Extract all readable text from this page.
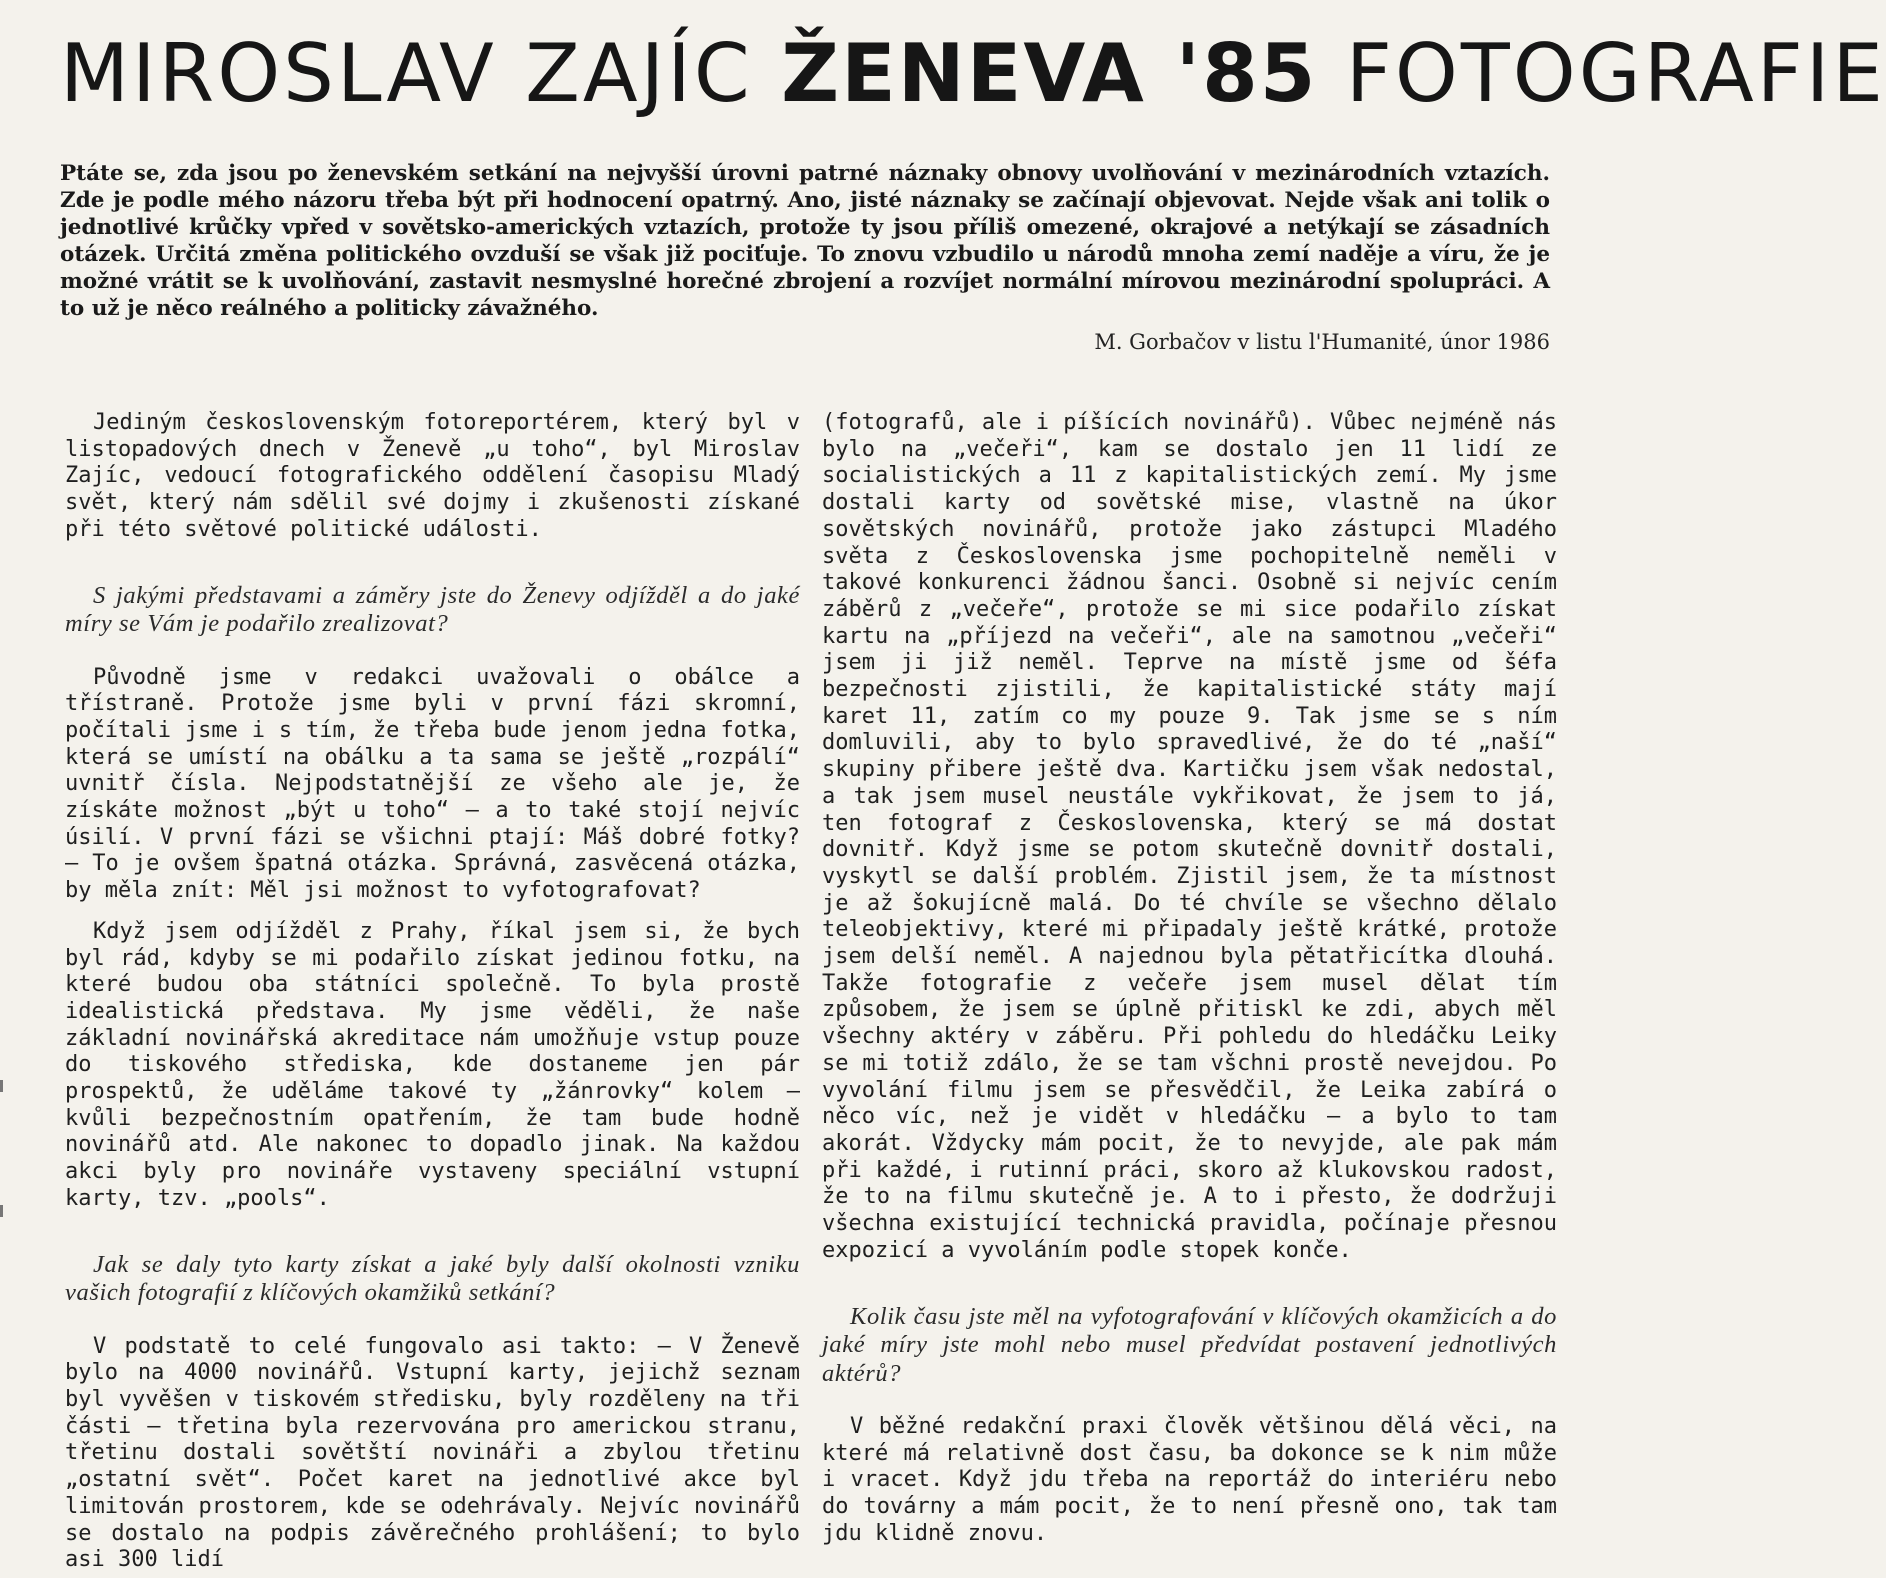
MIROSLAV ZAJÍC ŽENEVA '85 FOTOGRAFIE
Ptáte se, zda jsou po ženevském setkání na nejvyšší úrovni patrné náznaky obnovy uvolňování v mezinárodních vztazích. Zde je podle mého názoru třeba být při hodnocení opatrný. Ano, jisté náznaky se začínají objevovat. Nejde však ani tolik o jednotlivé krůčky vpřed v sovětsko-amerických vztazích, protože ty jsou příliš omezené, okrajové a netýkají se zásadních otázek. Určitá změna politického ovzduší se však již pociťuje. To znovu vzbudilo u národů mnoha zemí naděje a víru, že je možné vrátit se k uvolňování, zastavit nesmyslné horečné zbrojení a rozvíjet normální mírovou mezinárodní spolupráci. A to už je něco reálného a politicky závažného.
M. Gorbačov v listu l'Humanité, únor 1986

Jediným československým fotoreportérem, který byl v listopadových dnech v Ženevě „u toho“, byl Miroslav Zajíc, vedoucí fotografického oddělení časopisu Mladý svět, který nám sdělil své dojmy i zkušenosti získané při této světové politické události.

S jakými představami a záměry jste do Ženevy odjížděl a do jaké míry se Vám je podařilo zrealizovat?

Původně jsme v redakci uvažovali o obálce a třístraně. Protože jsme byli v první fázi skromní, počítali jsme i s tím, že třeba bude jenom jedna fotka, která se umístí na obálku a ta sama se ještě „rozpálí“ uvnitř čísla. Nejpodstatnější ze všeho ale je, že získáte možnost „být u toho“ — a to také stojí nejvíc úsilí. V první fázi se všichni ptají: Máš dobré fotky? — To je ovšem špatná otázka. Správná, zasvěcená otázka, by měla znít: Měl jsi možnost to vyfotografovat?

Když jsem odjížděl z Prahy, říkal jsem si, že bych byl rád, kdyby se mi podařilo získat jedinou fotku, na které budou oba státníci společně. To byla prostě idealistická představa. My jsme věděli, že naše základní novinářská akreditace nám umožňuje vstup pouze do tiskového střediska, kde dostaneme jen pár prospektů, že uděláme takové ty „žánrovky“ kolem — kvůli bezpečnostním opatřením, že tam bude hodně novinářů atd. Ale nakonec to dopadlo jinak. Na každou akci byly pro novináře vystaveny speciální vstupní karty, tzv. „pools“.

Jak se daly tyto karty získat a jaké byly další okolnosti vzniku vašich fotografií z klíčových okamžiků setkání?

V podstatě to celé fungovalo asi takto: — V Ženevě bylo na 4000 novinářů. Vstupní karty, jejichž seznam byl vyvěšen v tiskovém středisku, byly rozděleny na tři části — třetina byla rezervována pro americkou stranu, třetinu dostali sovětští novináři a zbylou třetinu „ostatní svět“. Počet karet na jednotlivé akce byl limitován prostorem, kde se odehrávaly. Nejvíc novinářů se dostalo na podpis závěrečného prohlášení; to bylo asi 300 lidí

(fotografů, ale i píšících novinářů). Vůbec nejméně nás bylo na „večeři“, kam se dostalo jen 11 lidí ze socialistických a 11 z kapitalistických zemí. My jsme dostali karty od sovětské mise, vlastně na úkor sovětských novinářů, protože jako zástupci Mladého světa z Československa jsme pochopitelně neměli v takové konkurenci žádnou šanci. Osobně si nejvíc cením záběrů z „večeře“, protože se mi sice podařilo získat kartu na „příjezd na večeři“, ale na samotnou „večeři“ jsem ji již neměl. Teprve na místě jsme od šéfa bezpečnosti zjistili, že kapitalistické státy mají karet 11, zatím co my pouze 9. Tak jsme se s ním domluvili, aby to bylo spravedlivé, že do té „naší“ skupiny přibere ještě dva. Kartičku jsem však nedostal, a tak jsem musel neustále vykřikovat, že jsem to já, ten fotograf z Československa, který se má dostat dovnitř. Když jsme se potom skutečně dovnitř dostali, vyskytl se další problém. Zjistil jsem, že ta místnost je až šokujícně malá. Do té chvíle se všechno dělalo teleobjektivy, které mi připadaly ještě krátké, protože jsem delší neměl. A najednou byla pětatřicítka dlouhá. Takže fotografie z večeře jsem musel dělat tím způsobem, že jsem se úplně přitiskl ke zdi, abych měl všechny aktéry v záběru. Při pohledu do hledáčku Leiky se mi totiž zdálo, že se tam všchni prostě nevejdou. Po vyvolání filmu jsem se přesvědčil, že Leika zabírá o něco víc, než je vidět v hledáčku — a bylo to tam akorát. Vždycky mám pocit, že to nevyjde, ale pak mám při každé, i rutinní práci, skoro až klukovskou radost, že to na filmu skutečně je. A to i přesto, že dodržuji všechna existující technická pravidla, počínaje přesnou expozicí a vyvoláním podle stopek konče.

Kolik času jste měl na vyfotografování v klíčových okamžicích a do jaké míry jste mohl nebo musel předvídat postavení jednotlivých aktérů?

V běžné redakční praxi člověk většinou dělá věci, na které má relativně dost času, ba dokonce se k nim může i vracet. Když jdu třeba na reportáž do interiéru nebo do továrny a mám pocit, že to není přesně ono, tak tam jdu klidně znovu.
